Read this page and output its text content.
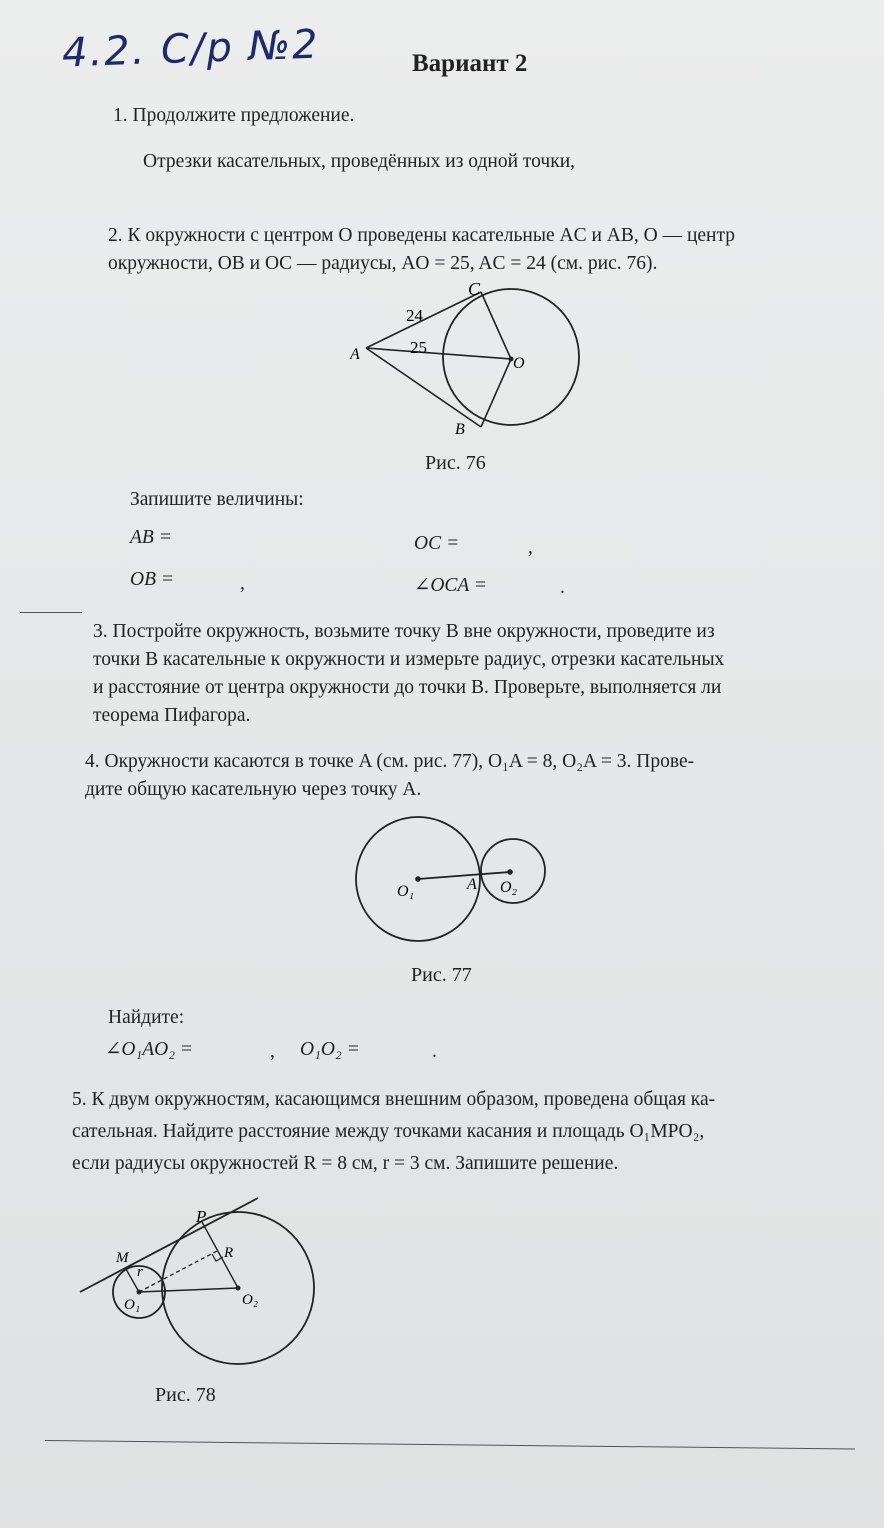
4.2. С/р №2	Вариант 2
1. Продолжите предложение.
Отрезки касательных, проведённых из одной точки,
2. К окружности с центром O проведены касательные AC и AB, O — центр
окружности, OB и OC — радиусы, AO = 25, AC = 24 (см. рис. 76).
C
A
B
O
24
25
Рис. 76
Запишите величины:
AB =	OC =	,
OB =	,	∠OCA =	.
3. Постройте окружность, возьмите точку B вне окружности, проведите из
точки B касательные к окружности и измерьте радиус, отрезки касательных
и расстояние от центра окружности до точки B. Проверьте, выполняется ли
теорема Пифагора.
4. Окружности касаются в точке A (см. рис. 77), O₁A = 8, O₂A = 3. Прове-
дите общую касательную через точку A.
O₁	A O₂
Рис. 77
Найдите:
∠O₁AO₂ =	, O₁O₂ =	.
5. К двум окружностям, касающимся внешним образом, проведена общая ка-
сательная. Найдите расстояние между точками касания и площадь O₁MPO₂,
если радиусы окружностей R = 8 см, r = 3 см. Запишите решение.
P
M
r
R
O₁	O₂
Рис. 78
